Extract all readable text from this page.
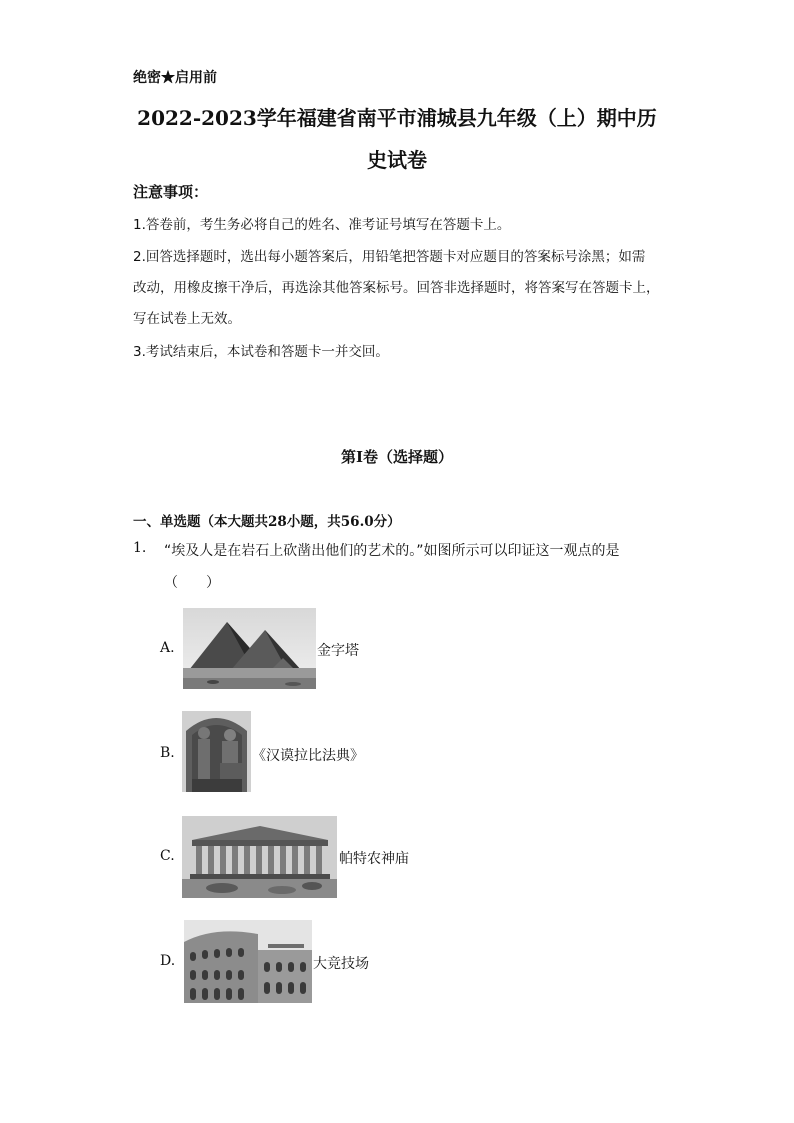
绝密★启用前
2022-2023学年福建省南平市浦城县九年级（上）期中历
史试卷
注意事项：
1.答卷前，考生务必将自己的姓名、准考证号填写在答题卡上。
2.回答选择题时，选出每小题答案后，用铅笔把答题卡对应题目的答案标号涂黑；如需
改动，用橡皮擦干净后，再选涂其他答案标号。回答非选择题时，将答案写在答题卡上，
写在试卷上无效。
3.考试结束后，本试卷和答题卡一并交回。
第I卷（选择题）
一、单选题（本大题共28小题，共56.0分）
1. “埃及人是在岩石上砍凿出他们的艺术的。”如图所示可以印证这一观点的是
（　　）
A.	金字塔
B.	《汉谟拉比法典》
C.	帕特农神庙
D.	大竞技场
